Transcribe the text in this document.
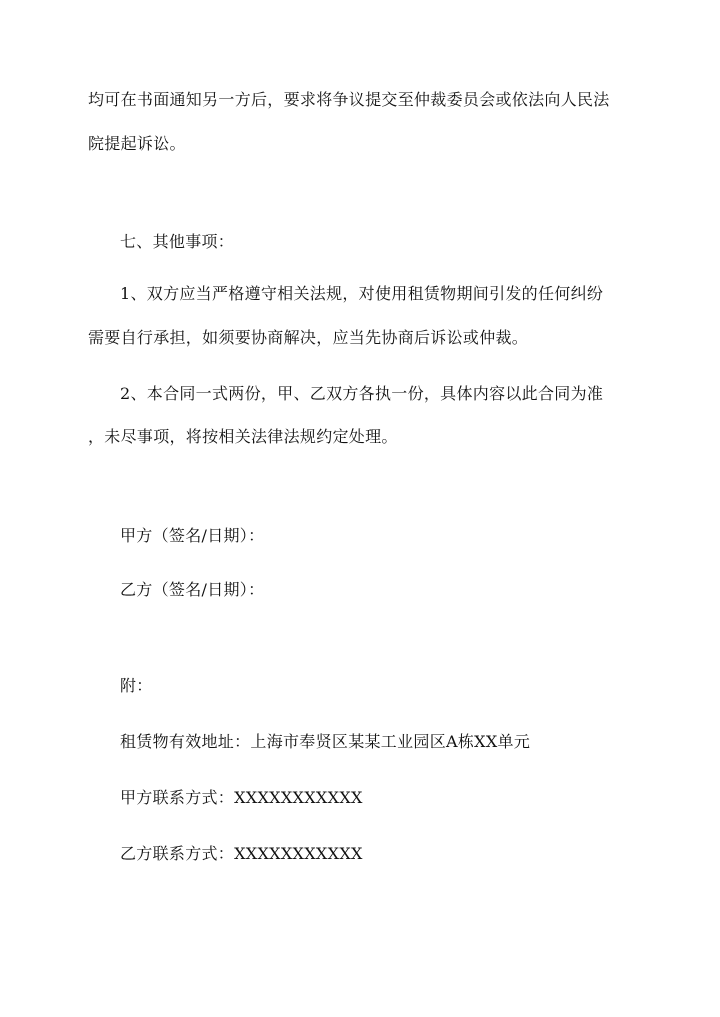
均可在书面通知另一方后，要求将争议提交至仲裁委员会或依法向人民法
院提起诉讼。
七、其他事项：
1、双方应当严格遵守相关法规，对使用租赁物期间引发的任何纠纷
需要自行承担，如须要协商解决，应当先协商后诉讼或仲裁。
2、本合同一式两份，甲、乙双方各执一份，具体内容以此合同为准
，未尽事项，将按相关法律法规约定处理。
甲方（签名/日期）：
乙方（签名/日期）：
附：
租赁物有效地址：上海市奉贤区某某工业园区A栋XX单元
甲方联系方式：XXXXXXXXXXX
乙方联系方式：XXXXXXXXXXX
